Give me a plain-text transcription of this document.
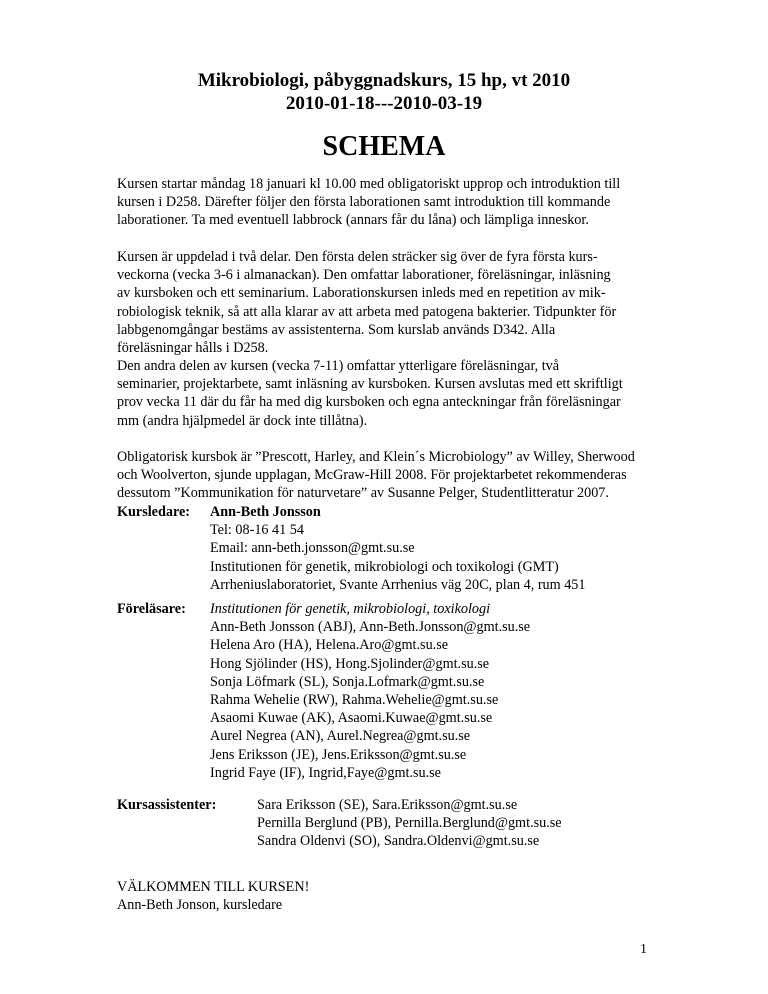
Mikrobiologi, påbyggnadskurs, 15 hp, vt 2010
2010-01-18---2010-03-19
SCHEMA
Kursen startar måndag 18 januari kl 10.00 med obligatoriskt upprop och introduktion till
kursen i D258. Därefter följer den första laborationen samt introduktion till kommande
laborationer. Ta med eventuell labbrock (annars får du låna) och lämpliga inneskor.
Kursen är uppdelad i två delar. Den första delen sträcker sig över de fyra första kurs-
veckorna (vecka 3-6 i almanackan). Den omfattar laborationer, föreläsningar, inläsning
av kursboken och ett seminarium. Laborationskursen inleds med en repetition av mik-
robiologisk teknik, så att alla klarar av att arbeta med patogena bakterier. Tidpunkter för
labbgenomgångar bestäms av assistenterna. Som kurslab används D342. Alla
föreläsningar hålls i D258.
Den andra delen av kursen (vecka 7-11) omfattar ytterligare föreläsningar, två
seminarier, projektarbete, samt inläsning av kursboken. Kursen avslutas med ett skriftligt
prov vecka 11 där du får ha med dig kursboken och egna anteckningar från föreläsningar
mm (andra hjälpmedel är dock inte tillåtna).
Obligatorisk kursbok är ”Prescott, Harley, and Klein´s Microbiology” av Willey, Sherwood
och Woolverton, sjunde upplagan, McGraw-Hill 2008. För projektarbetet rekommenderas
dessutom ”Kommunikation för naturvetare” av Susanne Pelger, Studentlitteratur 2007.
Kursledare: Ann-Beth Jonsson
Tel: 08-16 41 54
Email: ann-beth.jonsson@gmt.su.se
Institutionen för genetik, mikrobiologi och toxikologi (GMT)
Arrheniuslaboratoriet, Svante Arrhenius väg 20C, plan 4, rum 451
Föreläsare: Institutionen för genetik, mikrobiologi, toxikologi
Ann-Beth Jonsson (ABJ), Ann-Beth.Jonsson@gmt.su.se
Helena Aro (HA), Helena.Aro@gmt.su.se
Hong Sjölinder (HS), Hong.Sjolinder@gmt.su.se
Sonja Löfmark (SL), Sonja.Lofmark@gmt.su.se
Rahma Wehelie (RW), Rahma.Wehelie@gmt.su.se
Asaomi Kuwae (AK), Asaomi.Kuwae@gmt.su.se
Aurel Negrea (AN), Aurel.Negrea@gmt.su.se
Jens Eriksson (JE), Jens.Eriksson@gmt.su.se
Ingrid Faye (IF), Ingrid,Faye@gmt.su.se
Kursassistenter:	Sara Eriksson (SE), Sara.Eriksson@gmt.su.se
Pernilla Berglund (PB), Pernilla.Berglund@gmt.su.se
Sandra Oldenvi (SO), Sandra.Oldenvi@gmt.su.se
VÄLKOMMEN TILL KURSEN!
Ann-Beth Jonson, kursledare
1
